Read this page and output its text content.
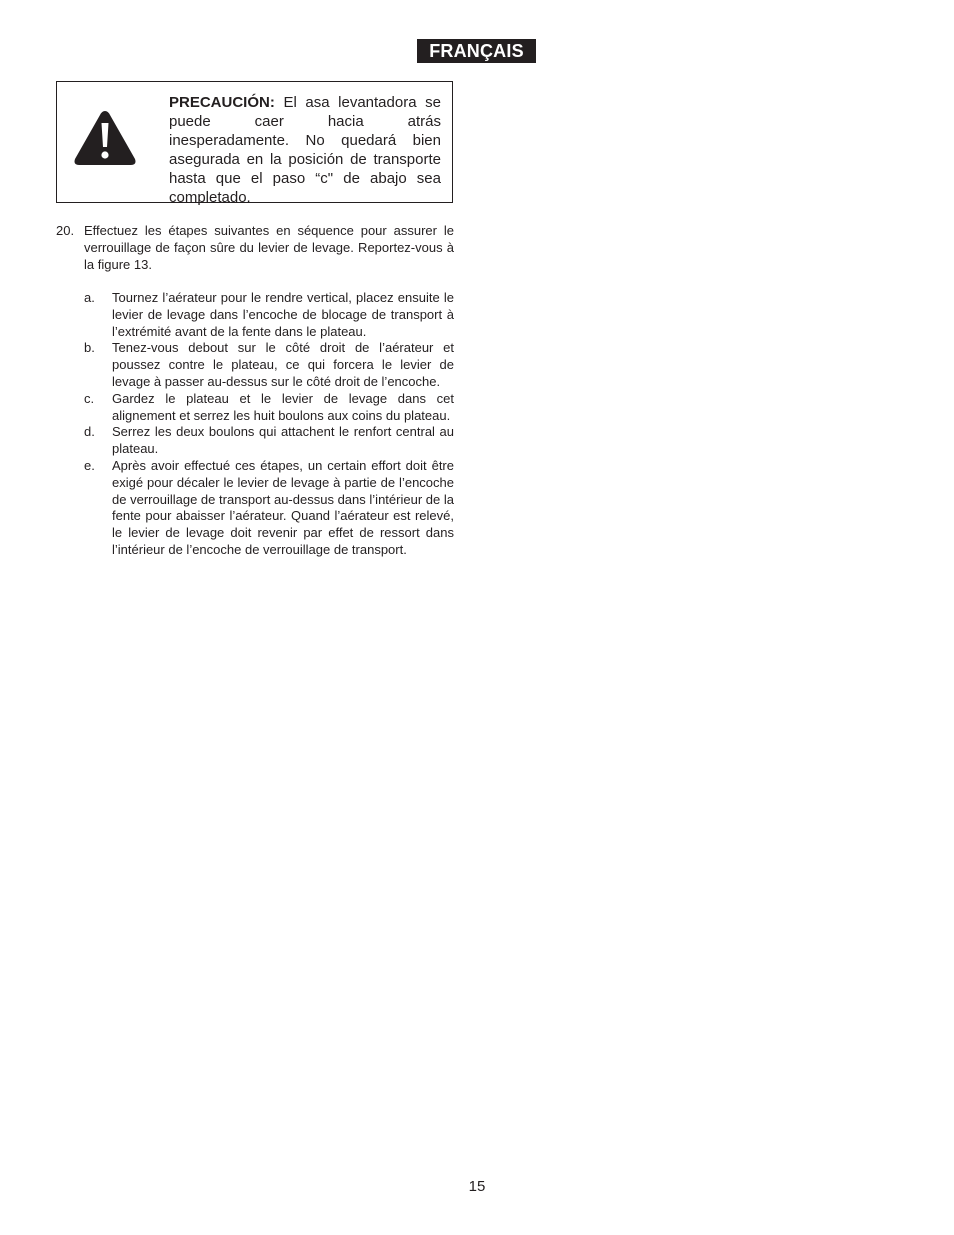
FRANÇAIS
PRECAUCIÓN: El asa levantadora se puede caer hacia atrás inesperadamente. No quedará bien asegurada en la posición de transporte hasta que el paso “c" de abajo sea completado.
20. Effectuez les étapes suivantes en séquence pour assurer le verrouillage de façon sûre du levier de levage. Reportez-vous à la figure 13.
a. Tournez l’aérateur pour le rendre vertical, placez ensuite le levier de levage dans l’encoche de blocage de transport à l’extrémité avant de la fente dans le plateau.
b. Tenez-vous debout sur le côté droit de l’aérateur et poussez contre le plateau, ce qui forcera le levier de levage à passer au-dessus sur le côté droit de l’encoche.
c. Gardez le plateau et le levier de levage dans cet alignement et serrez les huit boulons aux coins du plateau.
d. Serrez les deux boulons qui attachent le renfort central au plateau.
e. Après avoir effectué ces étapes, un certain effort doit être exigé pour décaler le levier de levage à partie de l’encoche de verrouillage de transport au-dessus dans l’intérieur de la fente pour abaisser l’aérateur. Quand l’aérateur est relevé, le levier de levage doit revenir par effet de ressort dans l’intérieur de l’encoche de verrouillage de transport.
15
